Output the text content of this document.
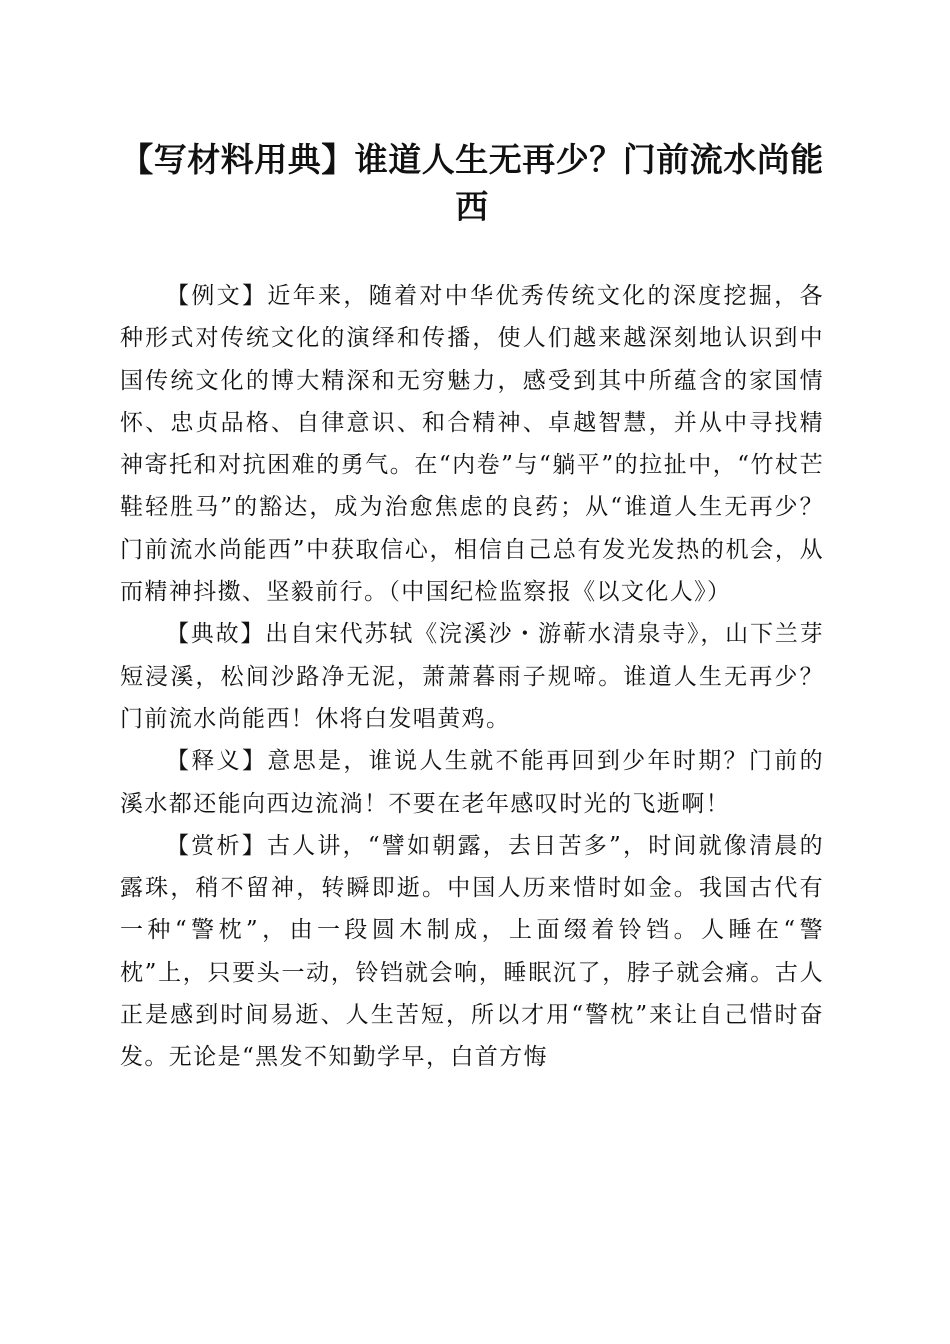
【写材料用典】谁道人生无再少？门前流水尚能西

【例文】近年来，随着对中华优秀传统文化的深度挖掘，各种形式对传统文化的演绎和传播，使人们越来越深刻地认识到中国传统文化的博大精深和无穷魅力，感受到其中所蕴含的家国情怀、忠贞品格、自律意识、和合精神、卓越智慧，并从中寻找精神寄托和对抗困难的勇气。在“内卷”与“躺平”的拉扯中，“竹杖芒鞋轻胜马”的豁达，成为治愈焦虑的良药；从“谁道人生无再少？门前流水尚能西”中获取信心，相信自己总有发光发热的机会，从而精神抖擞、坚毅前行。（中国纪检监察报《以文化人》）

【典故】出自宋代苏轼《浣溪沙・游蕲水清泉寺》，山下兰芽短浸溪，松间沙路净无泥，萧萧暮雨子规啼。谁道人生无再少？门前流水尚能西！休将白发唱黄鸡。

【释义】意思是，谁说人生就不能再回到少年时期？门前的溪水都还能向西边流淌！不要在老年感叹时光的飞逝啊！

【赏析】古人讲，“譬如朝露，去日苦多”，时间就像清晨的露珠，稍不留神，转瞬即逝。中国人历来惜时如金。我国古代有一种“警枕”，由一段圆木制成，上面缀着铃铛。人睡在“警枕”上，只要头一动，铃铛就会响，睡眠沉了，脖子就会痛。古人正是感到时间易逝、人生苦短，所以才用“警枕”来让自己惜时奋发。无论是“黑发不知勤学早，白首方悔
